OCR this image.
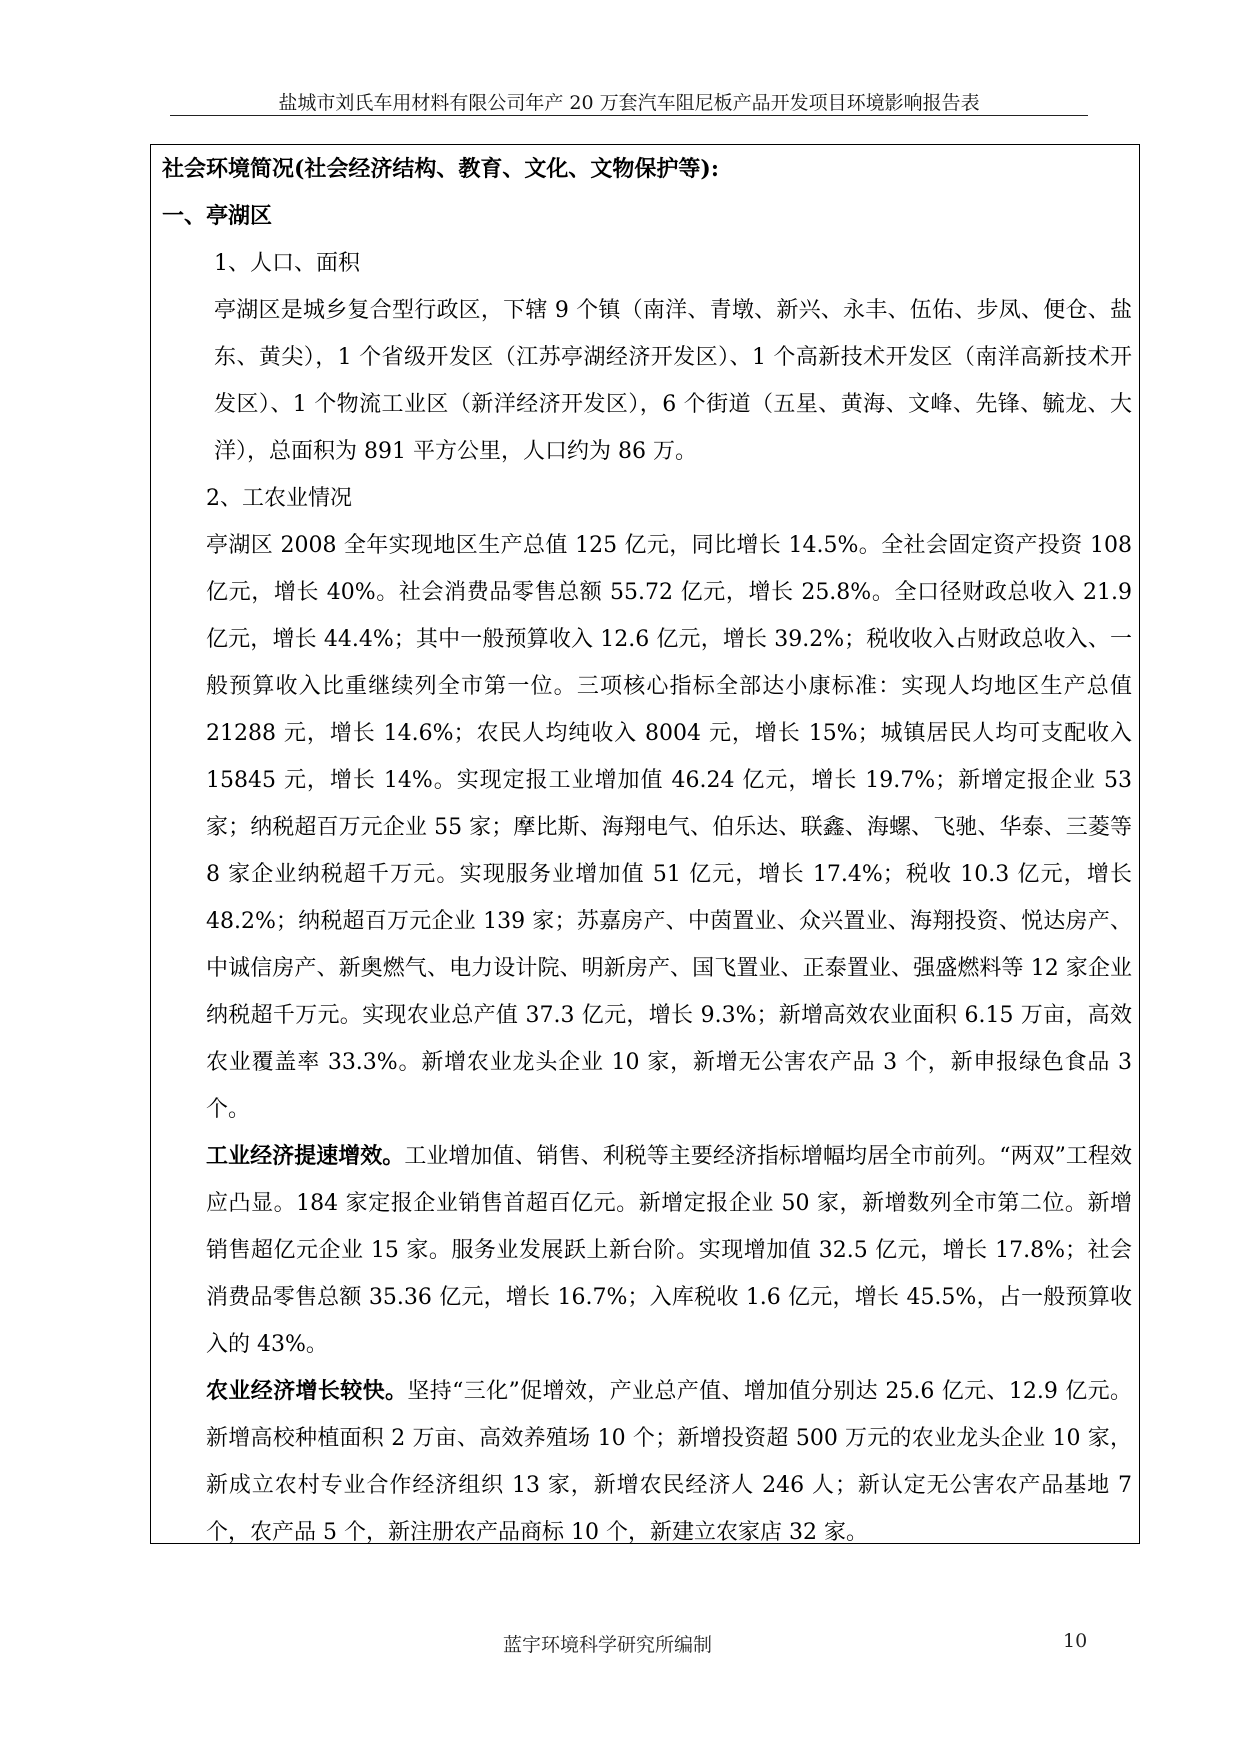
盐城市刘氏车用材料有限公司年产 20 万套汽车阻尼板产品开发项目环境影响报告表

社会环境简况(社会经济结构、教育、文化、文物保护等):

一、亭湖区

1、人口、面积

亭湖区是城乡复合型行政区，下辖 9 个镇（南洋、青墩、新兴、永丰、伍佑、步凤、便仓、盐东、黄尖），1 个省级开发区（江苏亭湖经济开发区）、1 个高新技术开发区（南洋高新技术开发区）、1 个物流工业区（新洋经济开发区），6 个街道（五星、黄海、文峰、先锋、毓龙、大洋），总面积为 891 平方公里，人口约为 86 万。

2、工农业情况

亭湖区 2008 全年实现地区生产总值 125 亿元，同比增长 14.5%。全社会固定资产投资 108 亿元，增长 40%。社会消费品零售总额 55.72 亿元，增长 25.8%。全口径财政总收入 21.9 亿元，增长 44.4%；其中一般预算收入 12.6 亿元，增长 39.2%；税收收入占财政总收入、一般预算收入比重继续列全市第一位。三项核心指标全部达小康标准：实现人均地区生产总值 21288 元，增长 14.6%；农民人均纯收入 8004 元，增长 15%；城镇居民人均可支配收入 15845 元，增长 14%。实现定报工业增加值 46.24 亿元，增长 19.7%；新增定报企业 53 家；纳税超百万元企业 55 家；摩比斯、海翔电气、伯乐达、联鑫、海螺、飞驰、华泰、三菱等 8 家企业纳税超千万元。实现服务业增加值 51 亿元，增长 17.4%；税收 10.3 亿元，增长 48.2%；纳税超百万元企业 139 家；苏嘉房产、中茵置业、众兴置业、海翔投资、悦达房产、中诚信房产、新奥燃气、电力设计院、明新房产、国飞置业、正泰置业、强盛燃料等 12 家企业纳税超千万元。实现农业总产值 37.3 亿元，增长 9.3%；新增高效农业面积 6.15 万亩，高效农业覆盖率 33.3%。新增农业龙头企业 10 家，新增无公害农产品 3 个，新申报绿色食品 3 个。

工业经济提速增效。工业增加值、销售、利税等主要经济指标增幅均居全市前列。“两双”工程效应凸显。184 家定报企业销售首超百亿元。新增定报企业 50 家，新增数列全市第二位。新增销售超亿元企业 15 家。服务业发展跃上新台阶。实现增加值 32.5 亿元，增长 17.8%；社会消费品零售总额 35.36 亿元，增长 16.7%；入库税收 1.6 亿元，增长 45.5%，占一般预算收入的 43%。

农业经济增长较快。坚持“三化”促增效，产业总产值、增加值分别达 25.6 亿元、12.9 亿元。新增高校种植面积 2 万亩、高效养殖场 10 个；新增投资超 500 万元的农业龙头企业 10 家，新成立农村专业合作经济组织 13 家，新增农民经济人 246 人；新认定无公害农产品基地 7 个，农产品 5 个，新注册农产品商标 10 个，新建立农家店 32 家。

蓝宇环境科学研究所编制	10
